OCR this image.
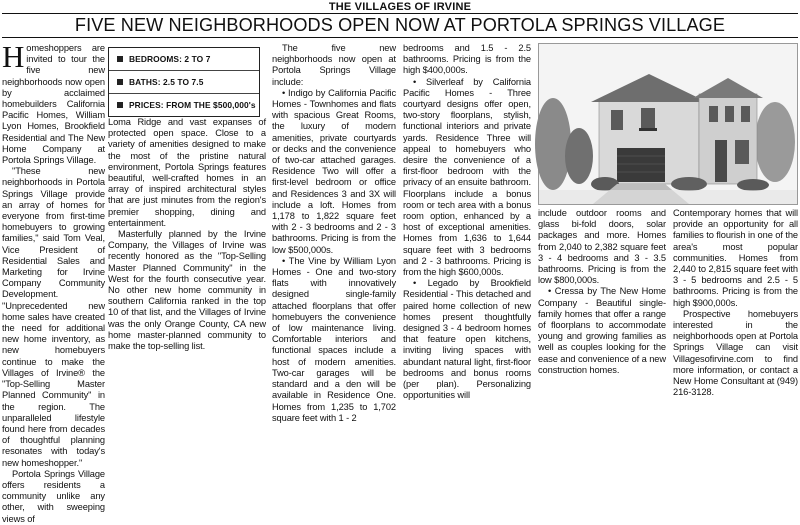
THE VILLAGES OF IRVINE
FIVE NEW NEIGHBORHOODS OPEN NOW AT PORTOLA SPRINGS VILLAGE

Homeshoppers are invited to tour the five new neighborhoods now open by acclaimed homebuilders California Pacific Homes, William Lyon Homes, Brookfield Residential and The New Home Company at Portola Springs Village.

"These new neighborhoods in Portola Springs Village provide an array of homes for everyone from first-time homebuyers to growing families," said Tom Veal, Vice President of Residential Sales and Marketing for Irvine Company Community Development. "Unprecedented new home sales have created the need for additional new home inventory, as new homebuyers continue to make the Villages of Irvine® the "Top-Selling Master Planned Community" in the region. The unparalleled lifestyle found here from decades of thoughtful planning resonates with today's new homeshopper."

Portola Springs Village offers residents a community unlike any other, with sweeping views of

BEDROOMS: 2 TO 7
BATHS: 2.5 TO 7.5
PRICES: FROM THE $500,000's

Loma Ridge and vast expanses of protected open space. Close to a variety of amenities designed to make the most of the pristine natural environment, Portola Springs features beautiful, well-crafted homes in an array of inspired architectural styles that are just minutes from the region's premier shopping, dining and entertainment.

Masterfully planned by the Irvine Company, the Villages of Irvine was recently honored as the "Top-Selling Master Planned Community" in the West for the fourth consecutive year. No other new home community in southern California ranked in the top 10 of that list, and the Villages of Irvine was the only Orange County, CA new home master-planned community to make the top-selling list.

The five new neighborhoods now open at Portola Springs Village include:

• Indigo by California Pacific Homes - Townhomes and flats with spacious Great Rooms, the luxury of modern amenities, private courtyards or decks and the convenience of two-car attached garages. Residence Two will offer a first-level bedroom or office and Residences 3 and 3X will include a loft. Homes from 1,178 to 1,822 square feet with 2 - 3 bedrooms and 2 - 3 bathrooms. Pricing is from the low $500,000s.

• The Vine by William Lyon Homes - One and two-story flats with innovatively designed single-family attached floorplans that offer homebuyers the convenience of low maintenance living. Comfortable interiors and functional spaces include a host of modern amenities. Two-car garages will be standard and a den will be available in Residence One. Homes from 1,235 to 1,702 square feet with 1 - 2

bedrooms and 1.5 - 2.5 bathrooms. Pricing is from the high $400,000s.

• Silverleaf by California Pacific Homes - Three courtyard designs offer open, two-story floorplans, stylish, functional interiors and private yards. Residence Three will appeal to homebuyers who desire the convenience of a first-floor bedroom with the privacy of an ensuite bathroom. Floorplans include a bonus room or tech area with a bonus room option, enhanced by a host of exceptional amenities. Homes from 1,636 to 1,644 square feet with 3 bedrooms and 2 - 3 bathrooms. Pricing is from the high $600,000s.

• Legado by Brookfield Residential - This detached and paired home collection of new homes present thoughtfully designed 3 - 4 bedroom homes that feature open kitchens, inviting living spaces with abundant natural light, first-floor bedrooms and bonus rooms (per plan). Personalizing opportunities will

include outdoor rooms and glass bi-fold doors, solar packages and more. Homes from 2,040 to 2,382 square feet 3 - 4 bedrooms and 3 - 3.5 bathrooms. Pricing is from the low $800,000s.

• Cressa by The New Home Company - Beautiful single-family homes that offer a range of floorplans to accommodate young and growing families as well as couples looking for the ease and convenience of a new construction homes.

Contemporary homes that will provide an opportunity for all families to flourish in one of the area's most popular communities. Homes from 2,440 to 2,815 square feet with 3 - 5 bedrooms and 2.5 - 5 bathrooms. Pricing is from the high $900,000s.

Prospective homebuyers interested in the neighborhoods open at Portola Springs Village can visit Villagesofirvine.com to find more information, or contact a New Home Consultant at (949) 216-3128.
